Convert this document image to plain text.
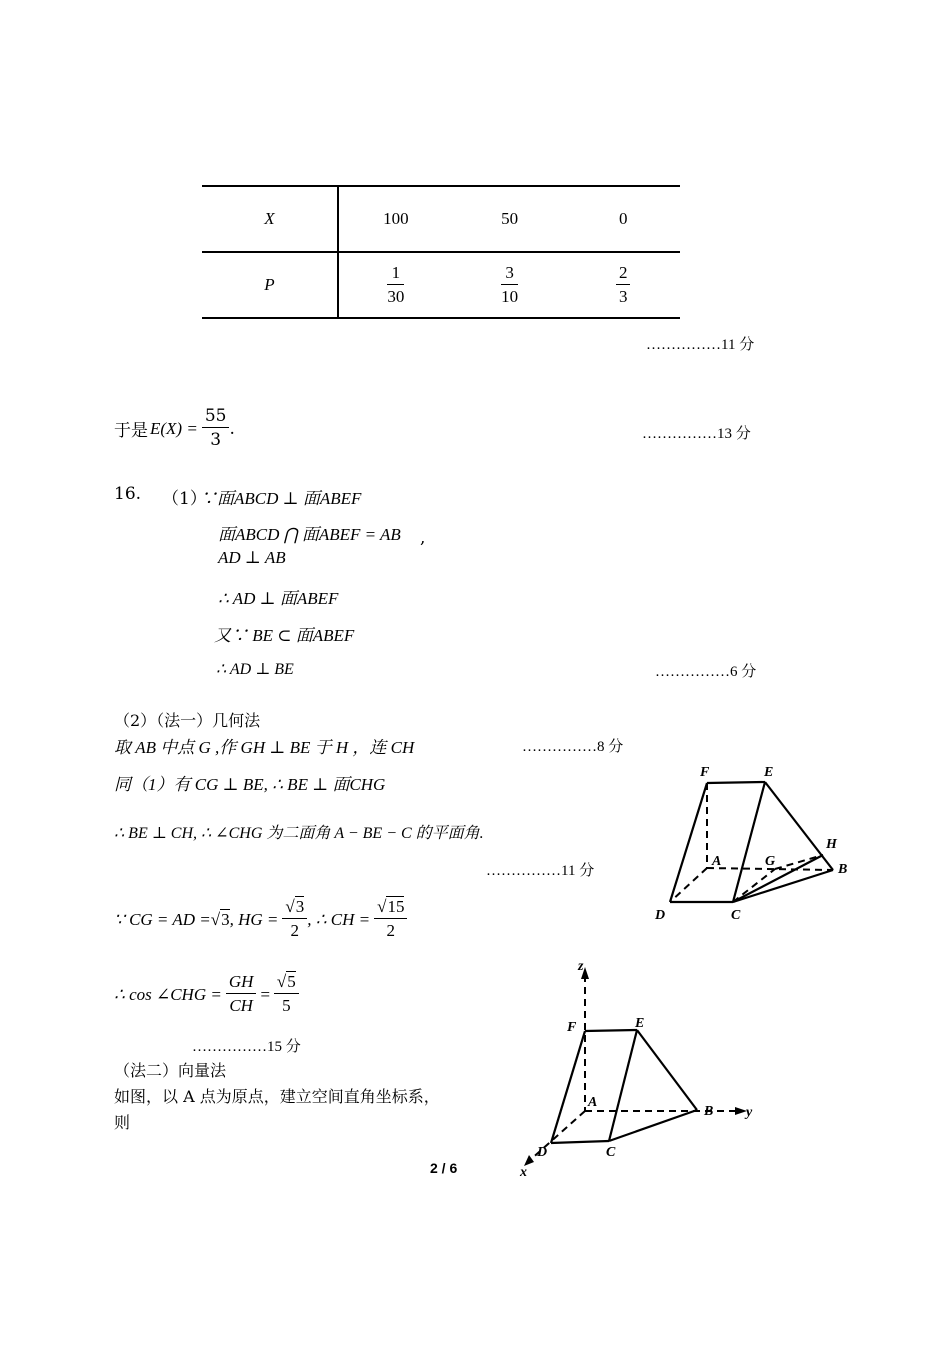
X	100	50	0
P	$\frac{1}{30}$	$\frac{3}{10}$	$\frac{2}{3}$
……………11 分
于是 $E(X) = \frac{55}{3}$ .	……………13 分
16. （1）
∵面ABCD ⊥ 面ABEF
面ABCD ⋂ 面ABEF = AB ,
AD ⊥ AB
∴ AD ⊥ 面ABEF
又∵ BE ⊂ 面ABEF
∴ AD ⊥ BE	……………6 分
（2）（法一）几何法
取 AB 中点 G ,作 GH ⊥ BE 于 H ，连 CH	……………8 分
同（1）有 CG ⊥ BE, ∴ BE ⊥ 面CHG
∴ BE ⊥ CH, ∴ ∠CHG 为二面角 A − BE − C 的平面角.
……………11 分
∵ CG = AD = √ 3 , HG = $\frac{√3}{2}$ , ∴ CH = $\frac{√15}{2}$
∴ cos ∠CHG = $\frac{GH}{CH} = \frac{√5}{5}$
……………15 分
（法二）向量法
如图，以 A 点为原点，建立空间直角坐标系，
则
F	E
H
A	G
B
D	C
z
F	E
A
B y
D	C
x
2 / 6
